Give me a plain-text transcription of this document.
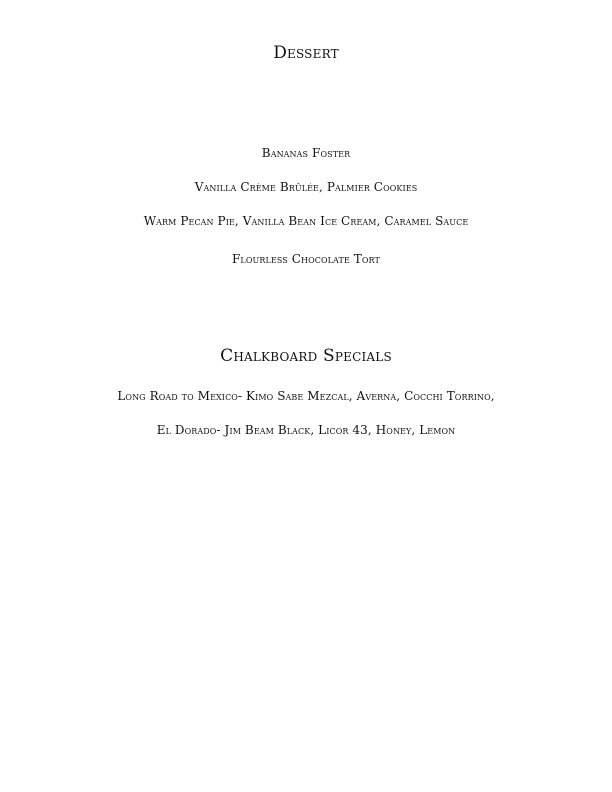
Dessert
Bananas Foster
Vanilla Crème Brûlée, Palmier Cookies
Warm Pecan Pie, Vanilla Bean Ice Cream, Caramel Sauce
Flourless Chocolate Tort
Chalkboard Specials
Long Road to Mexico- Kimo Sabe Mezcal, Averna, Cocchi Torrino,
El Dorado- Jim Beam Black, Licor 43, Honey, Lemon
